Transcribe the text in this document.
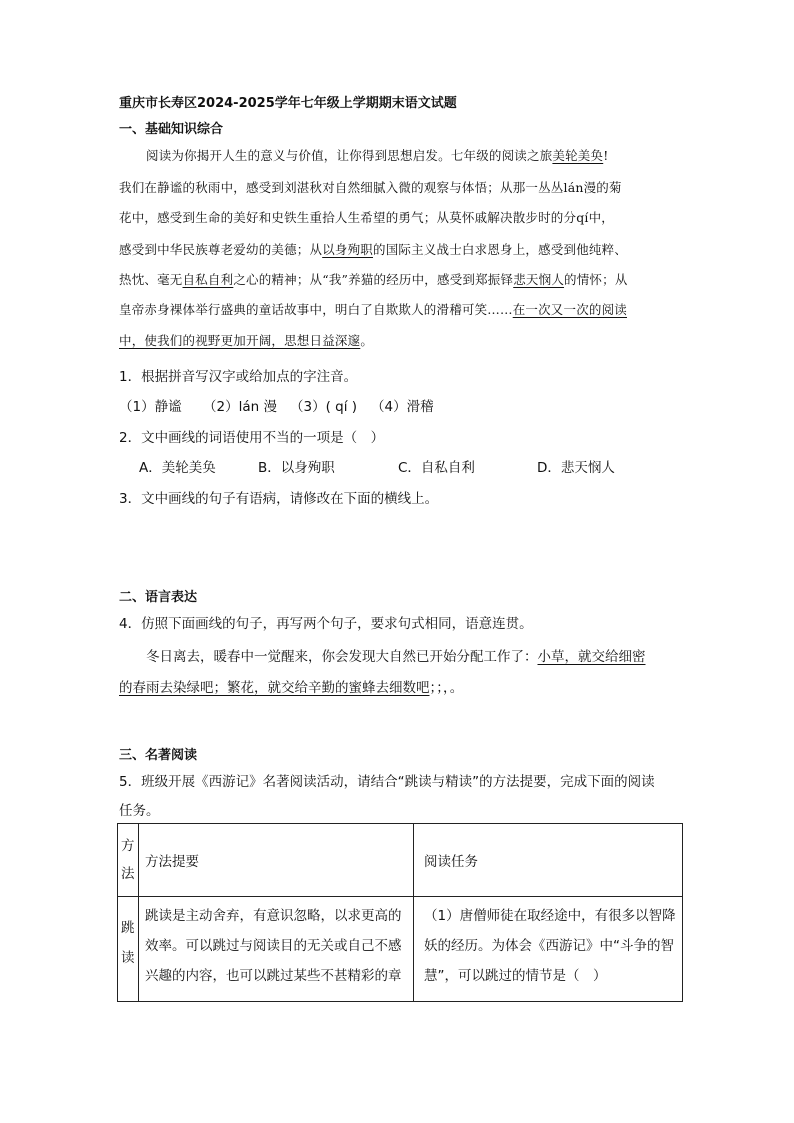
重庆市长寿区2024-2025学年七年级上学期期末语文试题
一、基础知识综合
阅读为你揭开人生的意义与价值，让你得到思想启发。七年级的阅读之旅美轮美奂!
我们在静谧的秋雨中，感受到刘湛秋对自然细腻入微的观察与体悟；从那一丛丛lán漫的菊
花中，感受到生命的美好和史铁生重拾人生希望的勇气；从莫怀戚解决散步时的分qí中，
感受到中华民族尊老爱幼的美德；从以身殉职的国际主义战士白求恩身上，感受到他纯粹、
热忱、毫无自私自利之心的精神；从“我”养猫的经历中，感受到郑振铎悲天悯人的情怀；从
皇帝赤身裸体举行盛典的童话故事中，明白了自欺欺人的滑稽可笑……在一次又一次的阅读
中，使我们的视野更加开阔，思想日益深邃。
1．根据拼音写汉字或给加点的字注音。
（1）静谧 （2）lán 漫 （3）( qí ) （4）滑稽
2．文中画线的词语使用不当的一项是（　）
A．美轮美奂	B．以身殉职	C．自私自利	D．悲天悯人
3．文中画线的句子有语病，请修改在下面的横线上。
二、语言表达
4．仿照下面画线的句子，再写两个句子，要求句式相同，语意连贯。
冬日离去，暖春中一觉醒来，你会发现大自然已开始分配工作了：小草，就交给细密
的春雨去染绿吧；繁花，就交给辛勤的蜜蜂去细数吧；；，。
三、名著阅读
5．班级开展《西游记》名著阅读活动，请结合“跳读与精读”的方法提要，完成下面的阅读
任务。
方法	方法提要	阅读任务

跳读	跳读是主动舍弃，有意识忽略，以求更高的效率。可以跳过与阅读目的无关或自己不感兴趣的内容，也可以跳过某些不甚精彩的章	（1）唐僧师徒在取经途中，有很多以智降妖的经历。为体会《西游记》中“斗争的智慧”，可以跳过的情节是（　）
